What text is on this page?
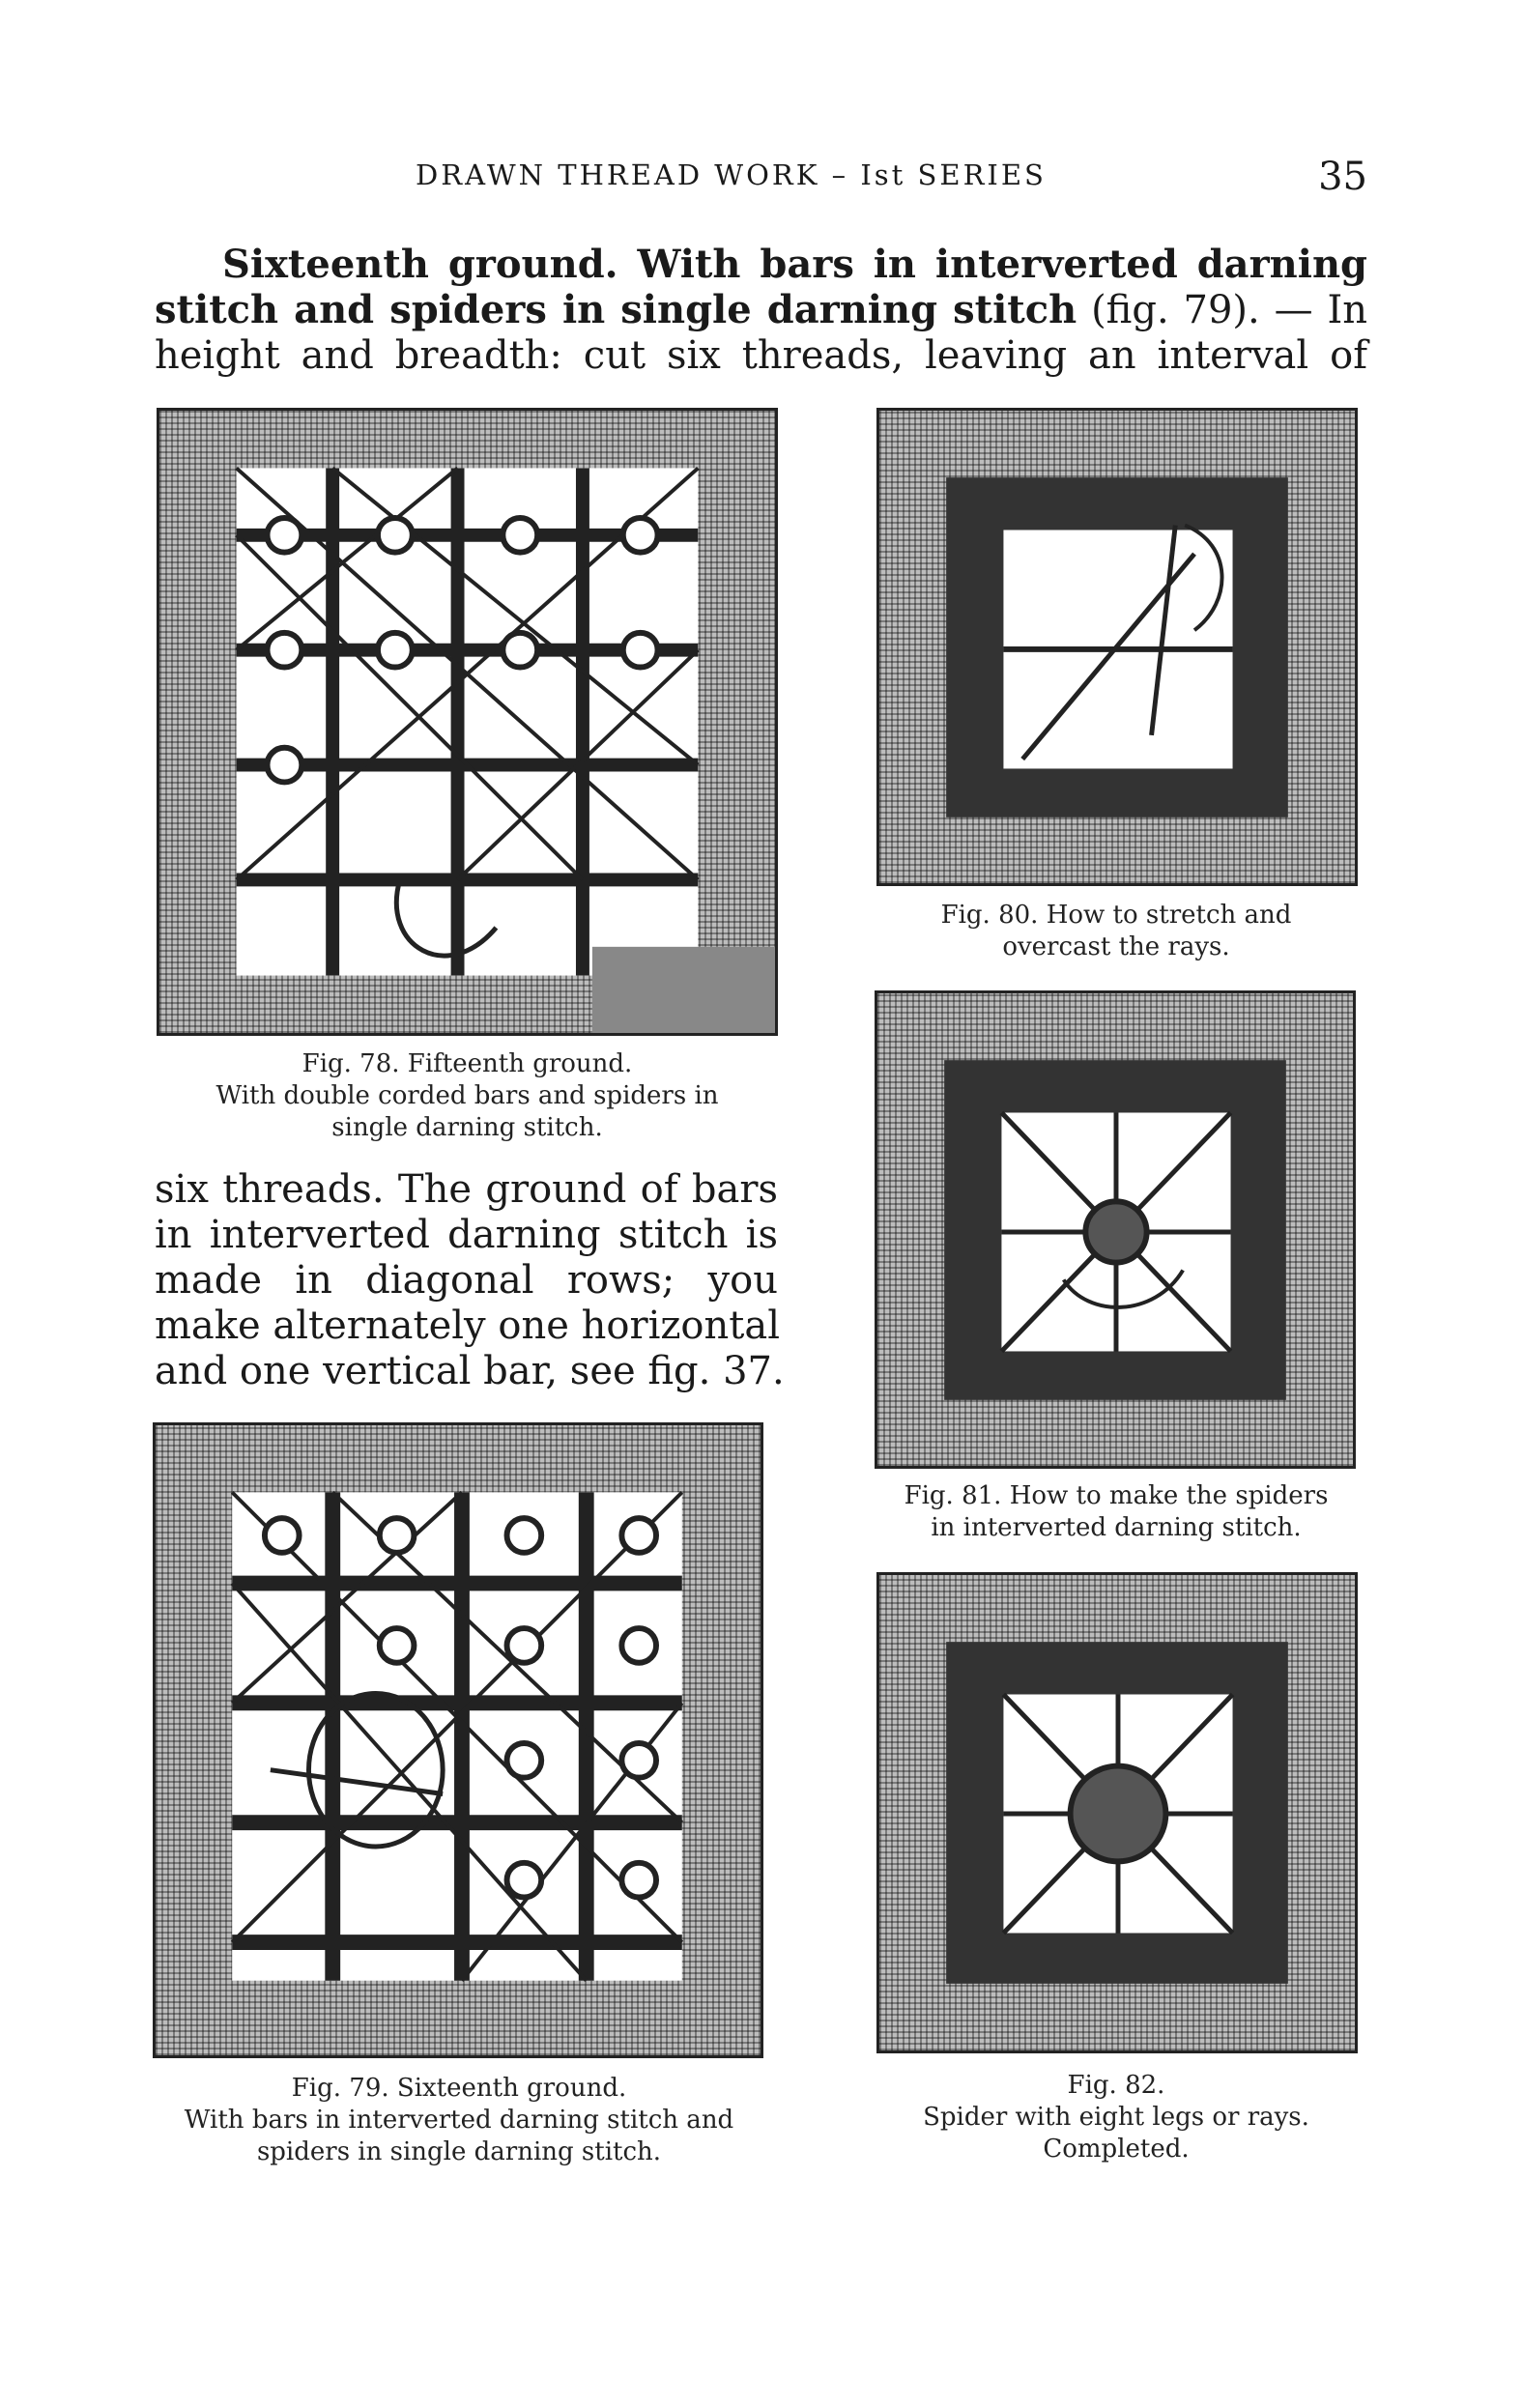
DRAWN THREAD WORK – Ist SERIES	35
Sixteenth ground. With bars in interverted darning
stitch and spiders in single darning stitch (fig. 79). — In
height and breadth: cut six threads, leaving an interval of
Fig. 78. Fifteenth ground.
With double corded bars and spiders in
single darning stitch.
six threads. The ground of bars
in interverted darning stitch is
made in diagonal rows; you
make alternately one horizontal
and one vertical bar, see fig. 37.
Fig. 79. Sixteenth ground.
With bars in interverted darning stitch and
spiders in single darning stitch.
Fig. 80. How to stretch and
overcast the rays.
Fig. 81. How to make the spiders
in interverted darning stitch.
Fig. 82.
Spider with eight legs or rays.
Completed.
